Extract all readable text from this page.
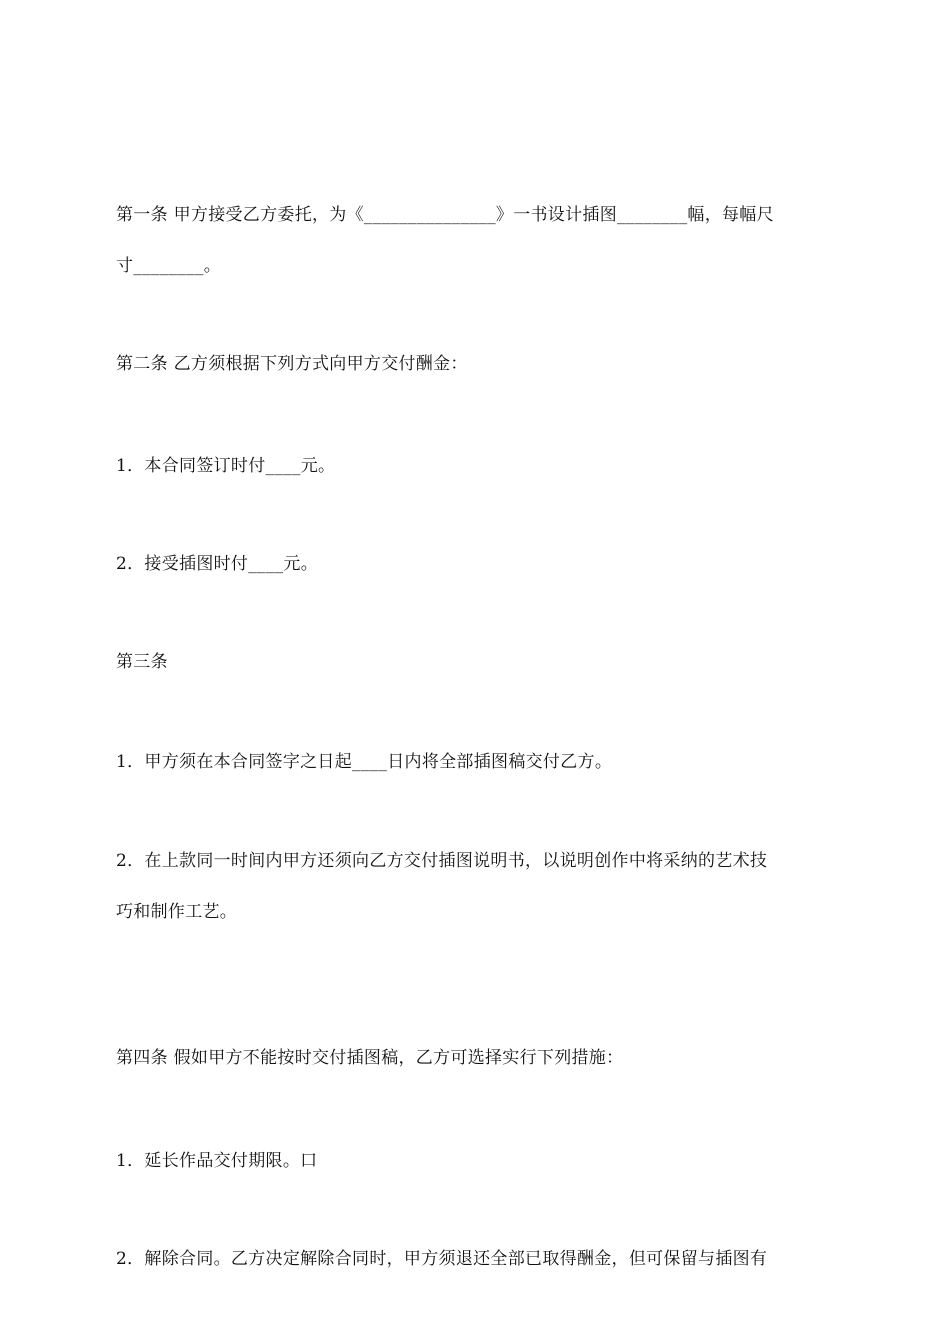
第一条 甲方接受乙方委托，为《_______________》一书设计插图________幅，每幅尺
寸________。
第二条 乙方须根据下列方式向甲方交付酬金：
1．本合同签订时付____元。
2．接受插图时付____元。
第三条
1．甲方须在本合同签字之日起____日内将全部插图稿交付乙方。
2．在上款同一时间内甲方还须向乙方交付插图说明书，以说明创作中将采纳的艺术技
巧和制作工艺。
第四条 假如甲方不能按时交付插图稿，乙方可选择实行下列措施：
1．延长作品交付期限。口
2．解除合同。乙方决定解除合同时，甲方须退还全部已取得酬金，但可保留与插图有
